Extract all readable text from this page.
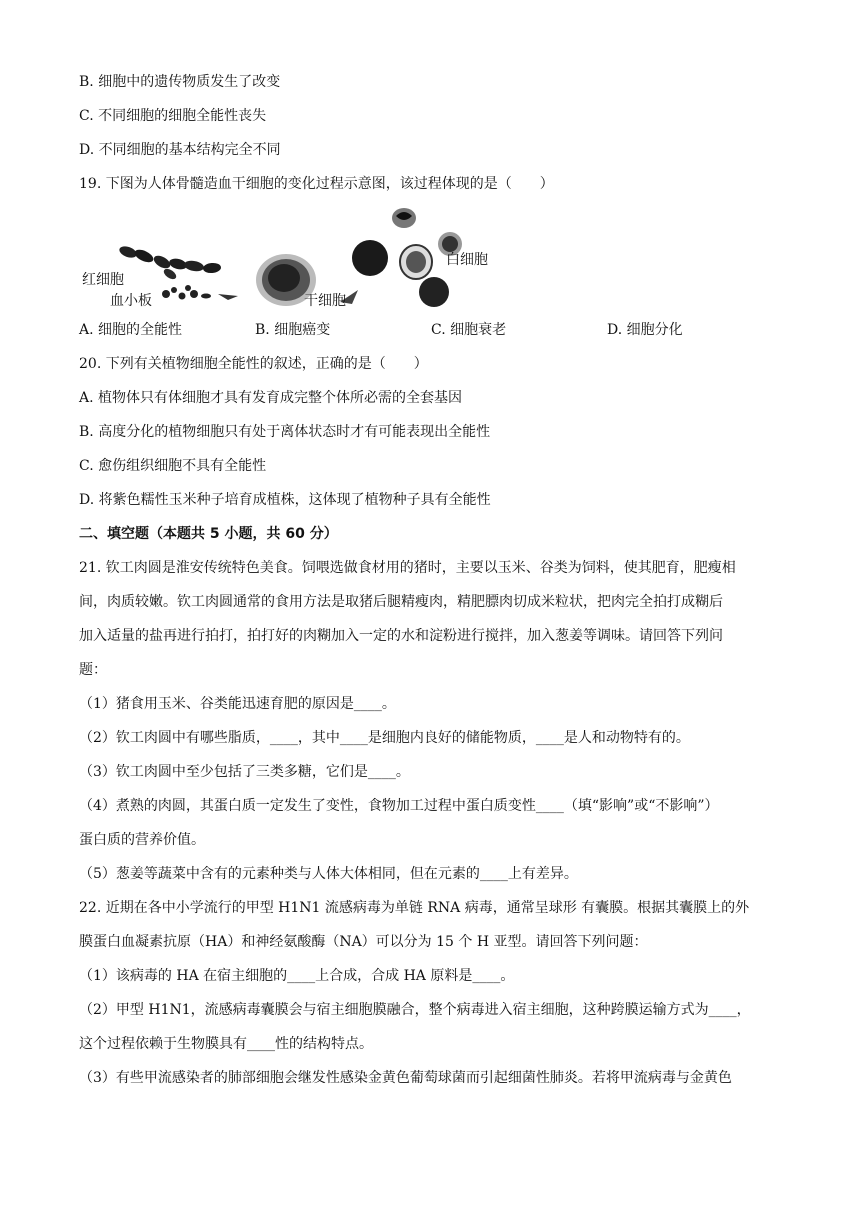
B. 细胞中的遗传物质发生了改变
C. 不同细胞的细胞全能性丧失
D. 不同细胞的基本结构完全不同
19. 下图为人体骨髓造血干细胞的变化过程示意图，该过程体现的是（　　）
红细胞
血小板	干细胞
白细胞
A. 细胞的全能性	B. 细胞癌变	C. 细胞衰老	D. 细胞分化
20. 下列有关植物细胞全能性的叙述，正确的是（　　）
A. 植物体只有体细胞才具有发育成完整个体所必需的全套基因
B. 高度分化的植物细胞只有处于离体状态时才有可能表现出全能性
C. 愈伤组织细胞不具有全能性
D. 将紫色糯性玉米种子培育成植株，这体现了植物种子具有全能性
二、填空题（本题共 5 小题，共 60 分）
21. 钦工肉圆是淮安传统特色美食。饲喂选做食材用的猪时，主要以玉米、谷类为饲料，使其肥育，肥瘦相
间，肉质较嫩。钦工肉圆通常的食用方法是取猪后腿精瘦肉，精肥膘肉切成米粒状，把肉完全拍打成糊后
加入适量的盐再进行拍打，拍打好的肉糊加入一定的水和淀粉进行搅拌，加入葱姜等调味。请回答下列问
题：
（1）猪食用玉米、谷类能迅速育肥的原因是____。
（2）钦工肉圆中有哪些脂质，____，其中____是细胞内良好的储能物质，____是人和动物特有的。
（3）钦工肉圆中至少包括了三类多糖，它们是____。
（4）煮熟的肉圆，其蛋白质一定发生了变性，食物加工过程中蛋白质变性____（填“影响”或“不影响”）
蛋白质的营养价值。
（5）葱姜等蔬菜中含有的元素种类与人体大体相同，但在元素的____上有差异。
22. 近期在各中小学流行的甲型 H1N1 流感病毒为单链 RNA 病毒，通常呈球形 有囊膜。根据其囊膜上的外
膜蛋白血凝素抗原（HA）和神经氨酸酶（NA）可以分为 15 个 H 亚型。请回答下列问题：
（1）该病毒的 HA 在宿主细胞的____上合成，合成 HA 原料是____。
（2）甲型 H1N1，流感病毒囊膜会与宿主细胞膜融合，整个病毒进入宿主细胞，这种跨膜运输方式为____，
这个过程依赖于生物膜具有____性的结构特点。
（3）有些甲流感染者的肺部细胞会继发性感染金黄色葡萄球菌而引起细菌性肺炎。若将甲流病毒与金黄色
